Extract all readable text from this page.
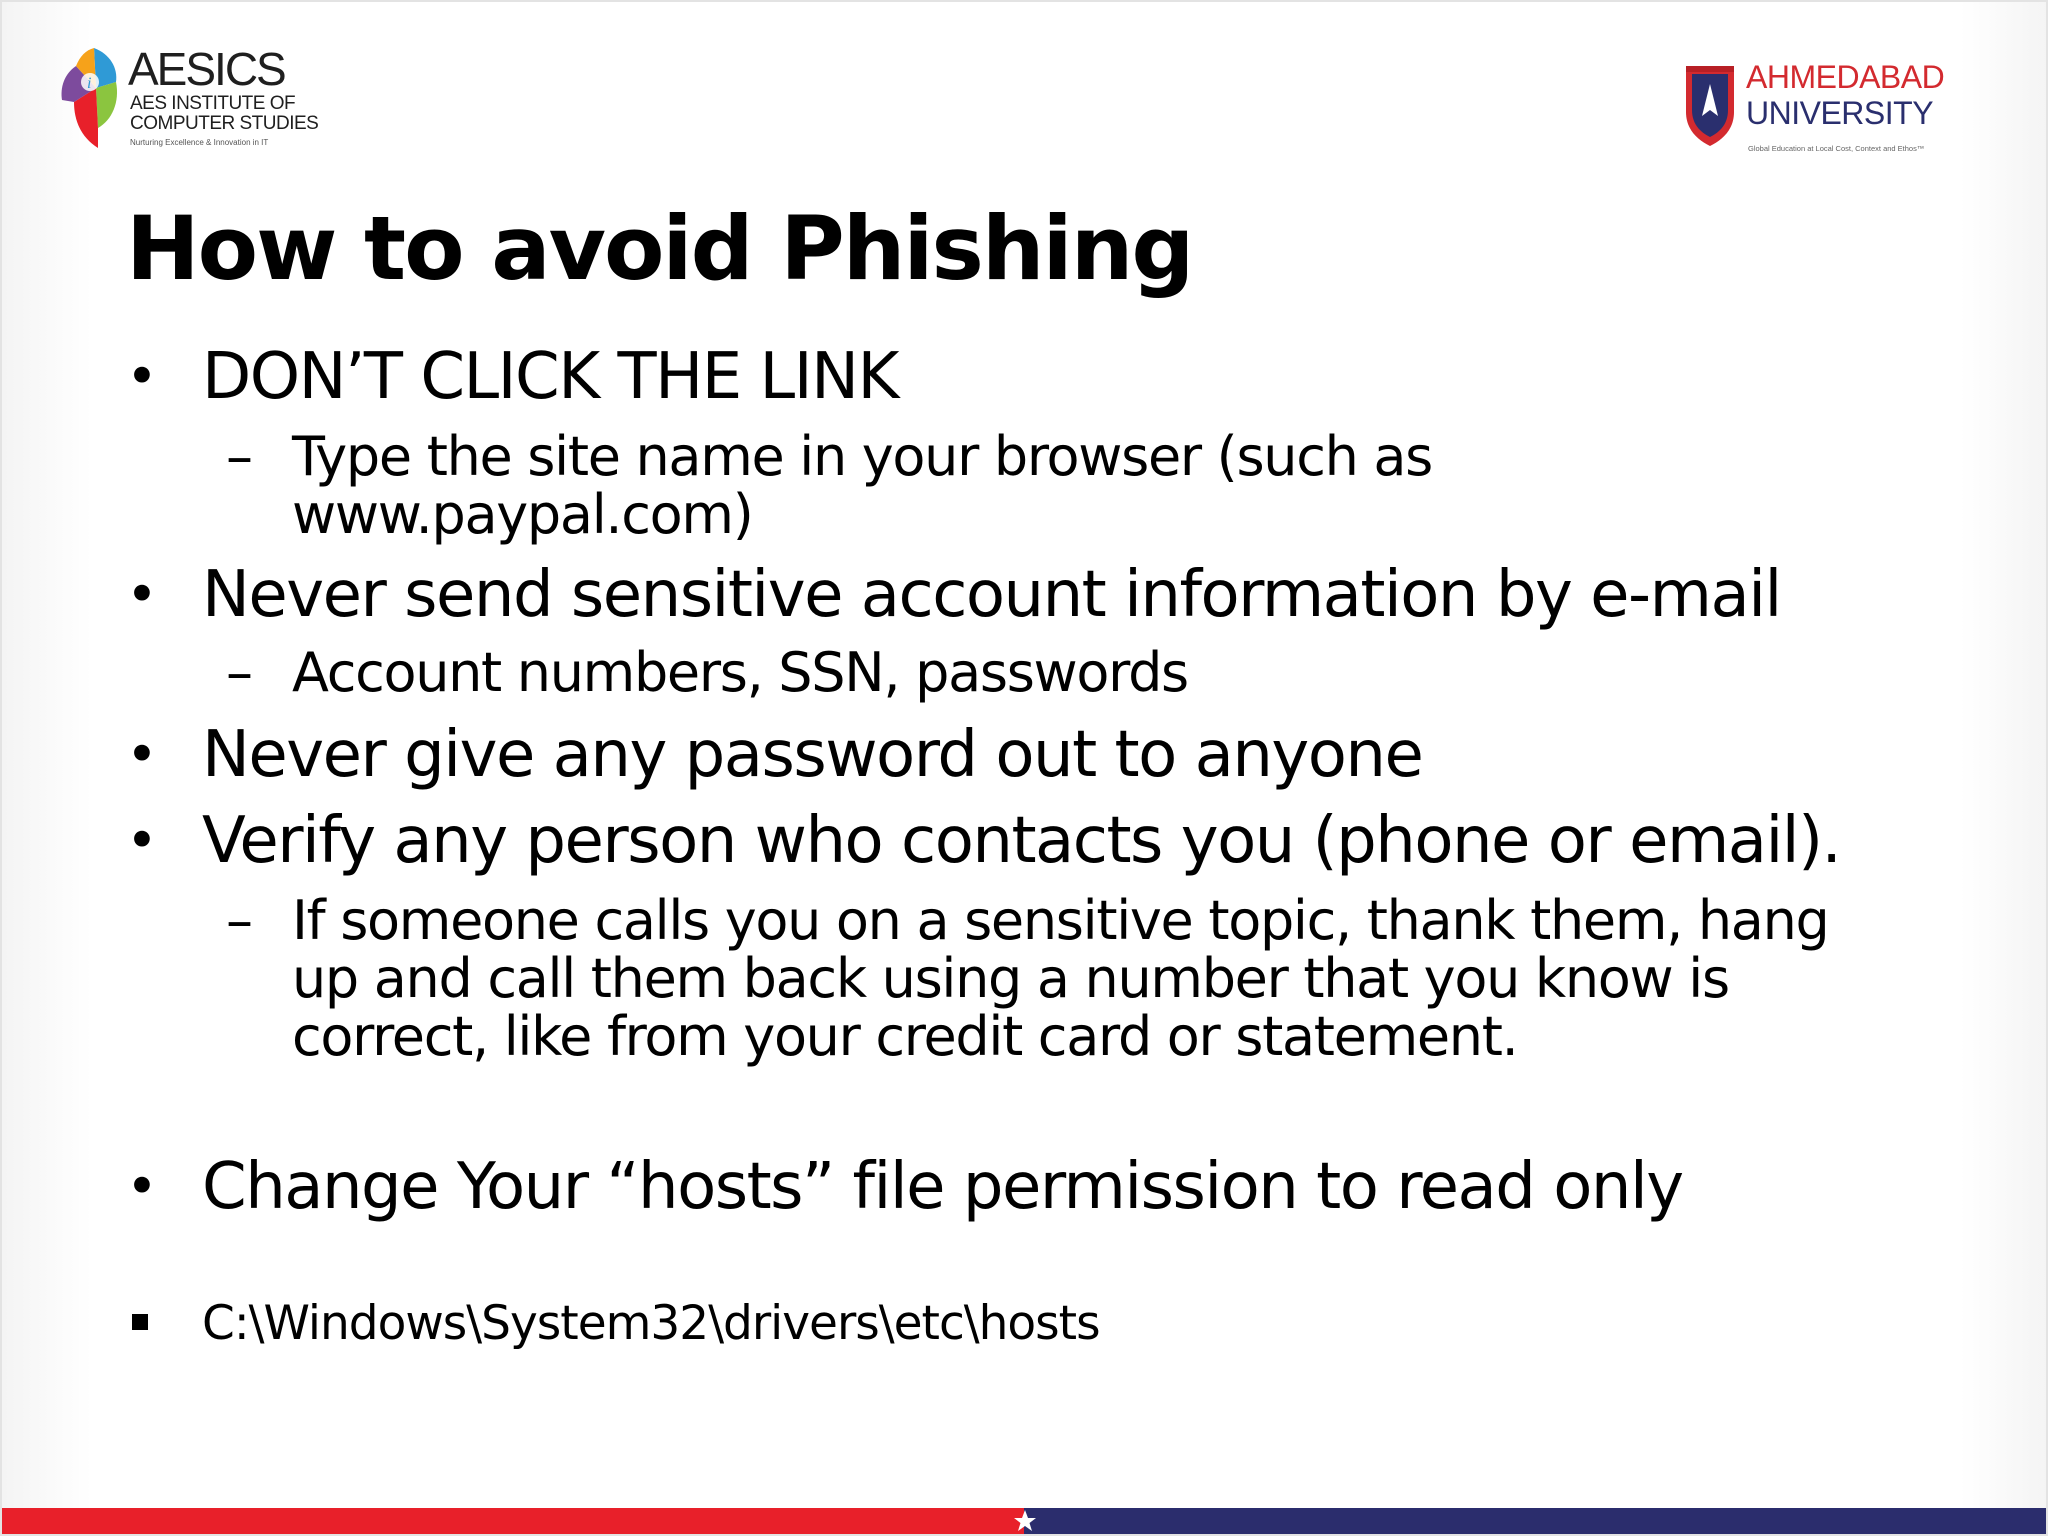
i AESICS
AES INSTITUTE OF
COMPUTER STUDIES
Nurturing Excellence & Innovation in IT
AHMEDABAD
UNIVERSITY
Global Education at Local Cost, Context and Ethos™
How to avoid Phishing
• DON’T CLICK THE LINK
– Type the site name in your browser (such as
www.paypal.com)
• Never send sensitive account information by e-mail
– Account numbers, SSN, passwords
• Never give any password out to anyone
• Verify any person who contacts you (phone or email).
– If someone calls you on a sensitive topic, thank them, hang
up and call them back using a number that you know is
correct, like from your credit card or statement.
• Change Your “hosts” file permission to read only
C:\Windows\System32\drivers\etc\hosts
